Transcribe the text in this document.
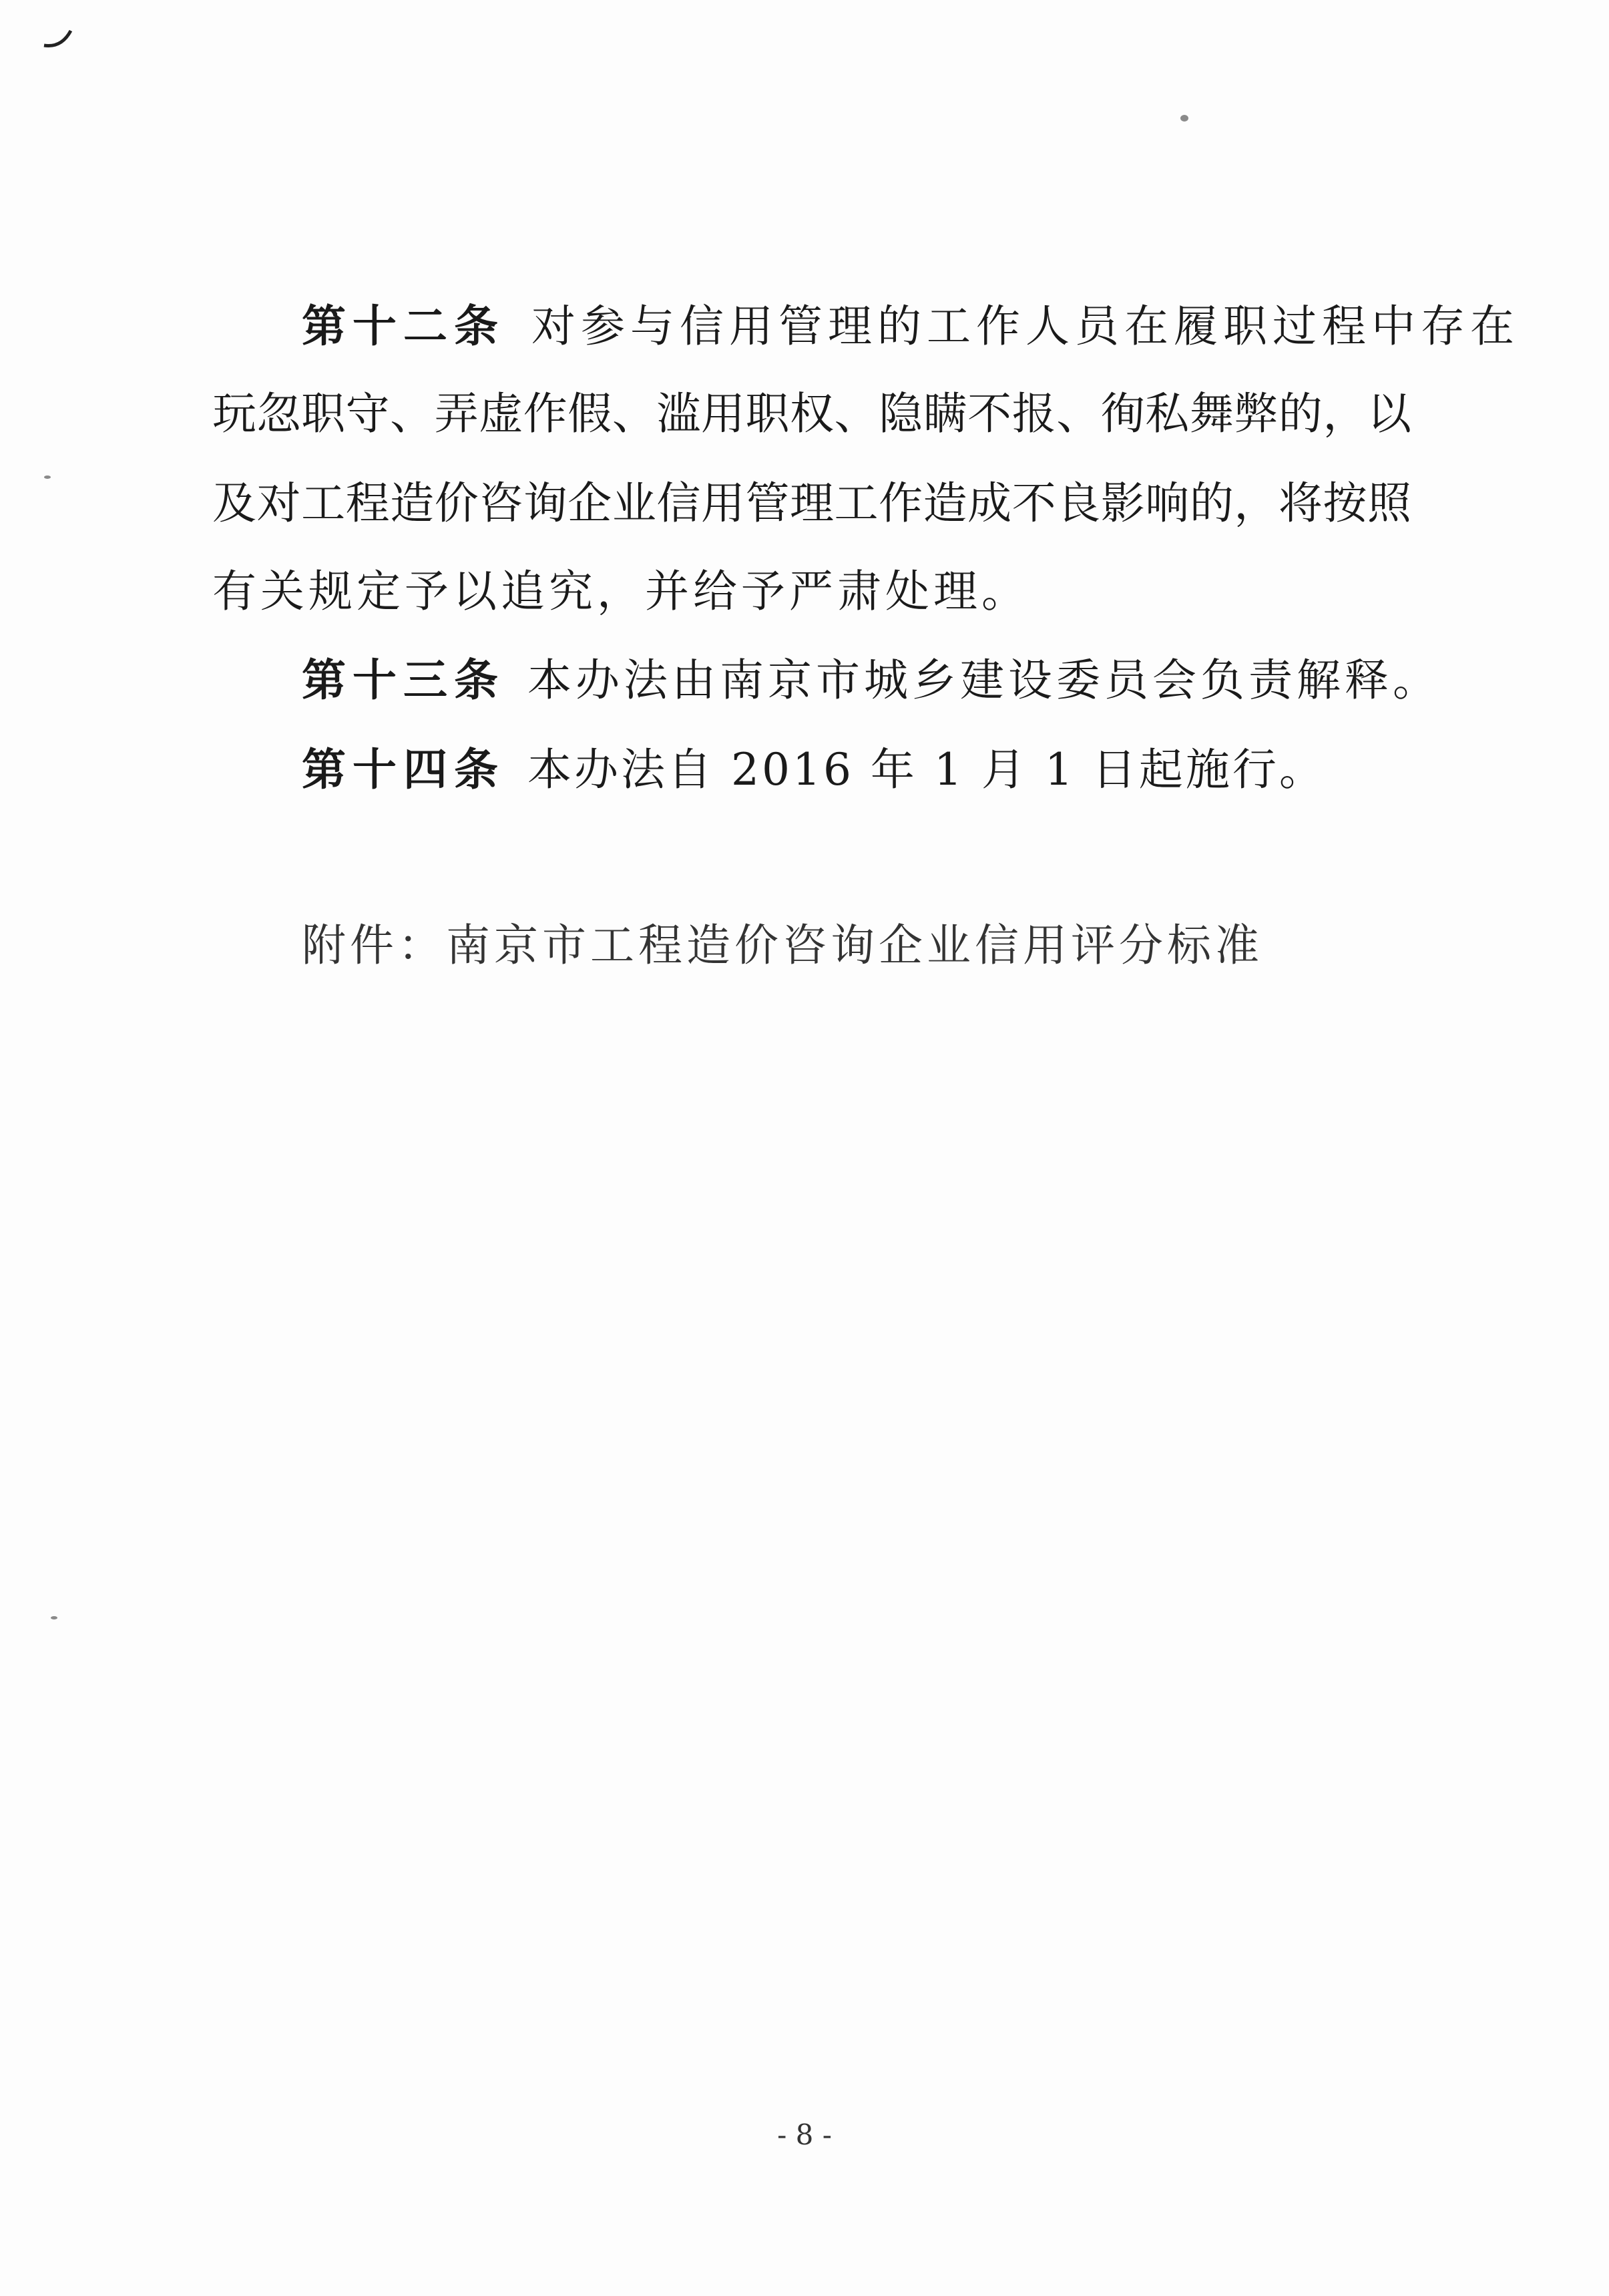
第十二条 对参与信用管理的工作人员在履职过程中存在
玩忽职守、弄虚作假、滥用职权、隐瞒不报、徇私舞弊的，以
及对工程造价咨询企业信用管理工作造成不良影响的，将按照
有关规定予以追究，并给予严肃处理。
第十三条 本办法由南京市城乡建设委员会负责解释。
第十四条 本办法自 2016 年 1 月 1 日起施行。
附件：南京市工程造价咨询企业信用评分标准
- 8 -
